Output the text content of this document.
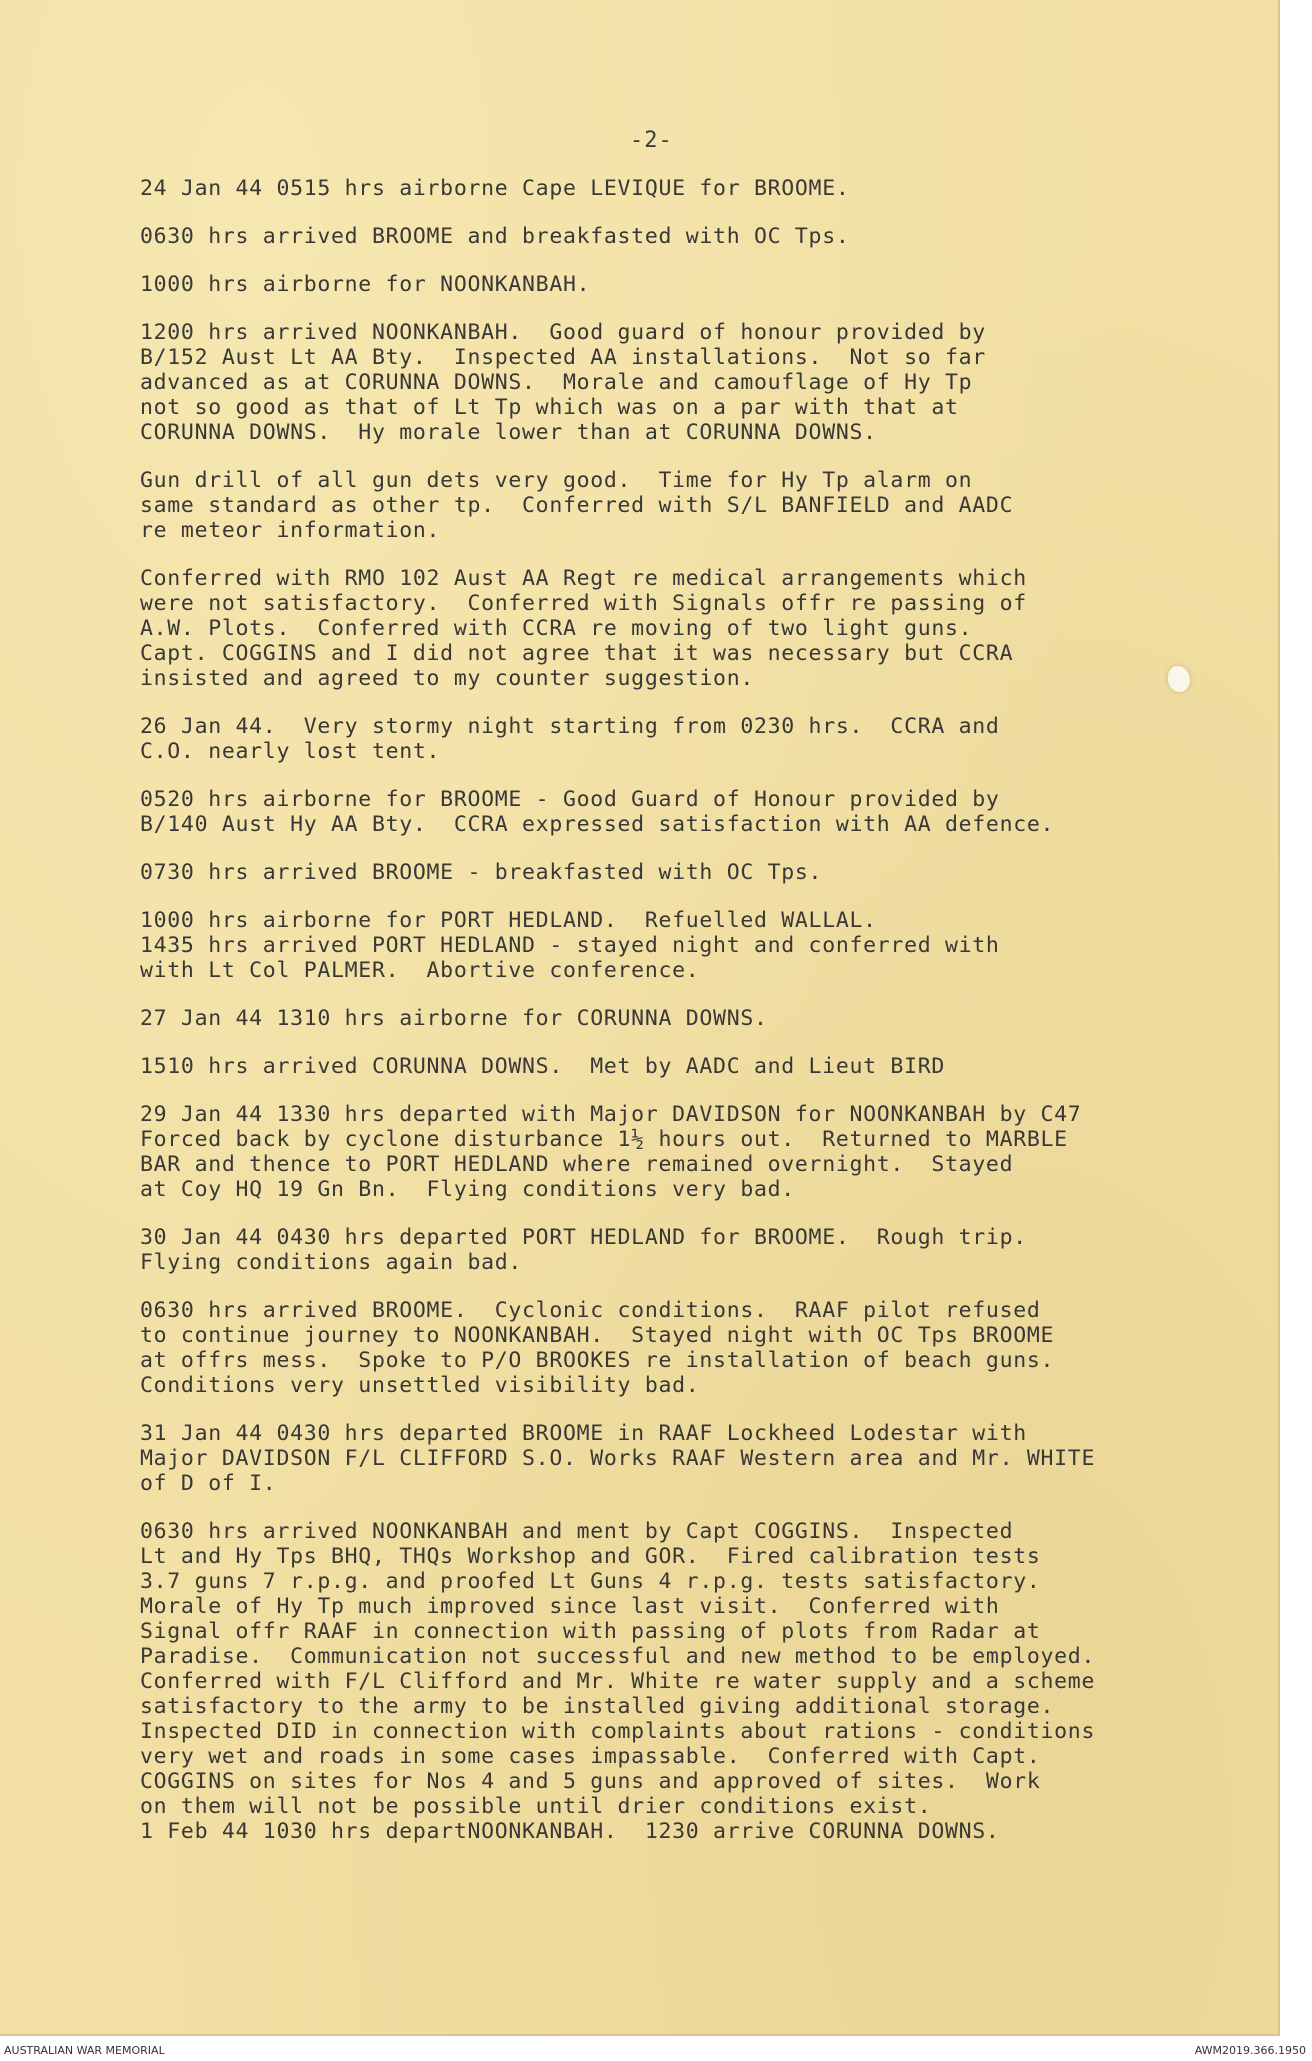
-2-
24 Jan 44 0515 hrs airborne Cape LEVIQUE for BROOME.
0630 hrs arrived BROOME and breakfasted with OC Tps.
1000 hrs airborne for NOONKANBAH.
1200 hrs arrived NOONKANBAH.  Good guard of honour provided by
B/152 Aust Lt AA Bty.  Inspected AA installations.  Not so far
advanced as at CORUNNA DOWNS.  Morale and camouflage of Hy Tp
not so good as that of Lt Tp which was on a par with that at
CORUNNA DOWNS.  Hy morale lower than at CORUNNA DOWNS.
Gun drill of all gun dets very good.  Time for Hy Tp alarm on
same standard as other tp.  Conferred with S/L BANFIELD and AADC
re meteor information.
Conferred with RMO 102 Aust AA Regt re medical arrangements which
were not satisfactory.  Conferred with Signals offr re passing of
A.W. Plots.  Conferred with CCRA re moving of two light guns.
Capt. COGGINS and I did not agree that it was necessary but CCRA
insisted and agreed to my counter suggestion.
26 Jan 44.  Very stormy night starting from 0230 hrs.  CCRA and
C.O. nearly lost tent.
0520 hrs airborne for BROOME - Good Guard of Honour provided by
B/140 Aust Hy AA Bty.  CCRA expressed satisfaction with AA defence.
0730 hrs arrived BROOME - breakfasted with OC Tps.
1000 hrs airborne for PORT HEDLAND.  Refuelled WALLAL.
1435 hrs arrived PORT HEDLAND - stayed night and conferred with
with Lt Col PALMER.  Abortive conference.
27 Jan 44 1310 hrs airborne for CORUNNA DOWNS.
1510 hrs arrived CORUNNA DOWNS.  Met by AADC and Lieut BIRD
29 Jan 44 1330 hrs departed with Major DAVIDSON for NOONKANBAH by C47
Forced back by cyclone disturbance 1½ hours out.  Returned to MARBLE
BAR and thence to PORT HEDLAND where remained overnight.  Stayed
at Coy HQ 19 Gn Bn.  Flying conditions very bad.
30 Jan 44 0430 hrs departed PORT HEDLAND for BROOME.  Rough trip.
Flying conditions again bad.
0630 hrs arrived BROOME.  Cyclonic conditions.  RAAF pilot refused
to continue journey to NOONKANBAH.  Stayed night with OC Tps BROOME
at offrs mess.  Spoke to P/O BROOKES re installation of beach guns.
Conditions very unsettled visibility bad.
31 Jan 44 0430 hrs departed BROOME in RAAF Lockheed Lodestar with
Major DAVIDSON F/L CLIFFORD S.O. Works RAAF Western area and Mr. WHITE
of D of I.
0630 hrs arrived NOONKANBAH and ment by Capt COGGINS.  Inspected
Lt and Hy Tps BHQ, THQs Workshop and GOR.  Fired calibration tests
3.7 guns 7 r.p.g. and proofed Lt Guns 4 r.p.g. tests satisfactory.
Morale of Hy Tp much improved since last visit.  Conferred with
Signal offr RAAF in connection with passing of plots from Radar at
Paradise.  Communication not successful and new method to be employed.
Conferred with F/L Clifford and Mr. White re water supply and a scheme
satisfactory to the army to be installed giving additional storage.
Inspected DID in connection with complaints about rations - conditions
very wet and roads in some cases impassable.  Conferred with Capt.
COGGINS on sites for Nos 4 and 5 guns and approved of sites.  Work
on them will not be possible until drier conditions exist.
1 Feb 44 1030 hrs departNOONKANBAH.  1230 arrive CORUNNA DOWNS.
AUSTRALIAN WAR MEMORIAL	AWM2019.366.1950
